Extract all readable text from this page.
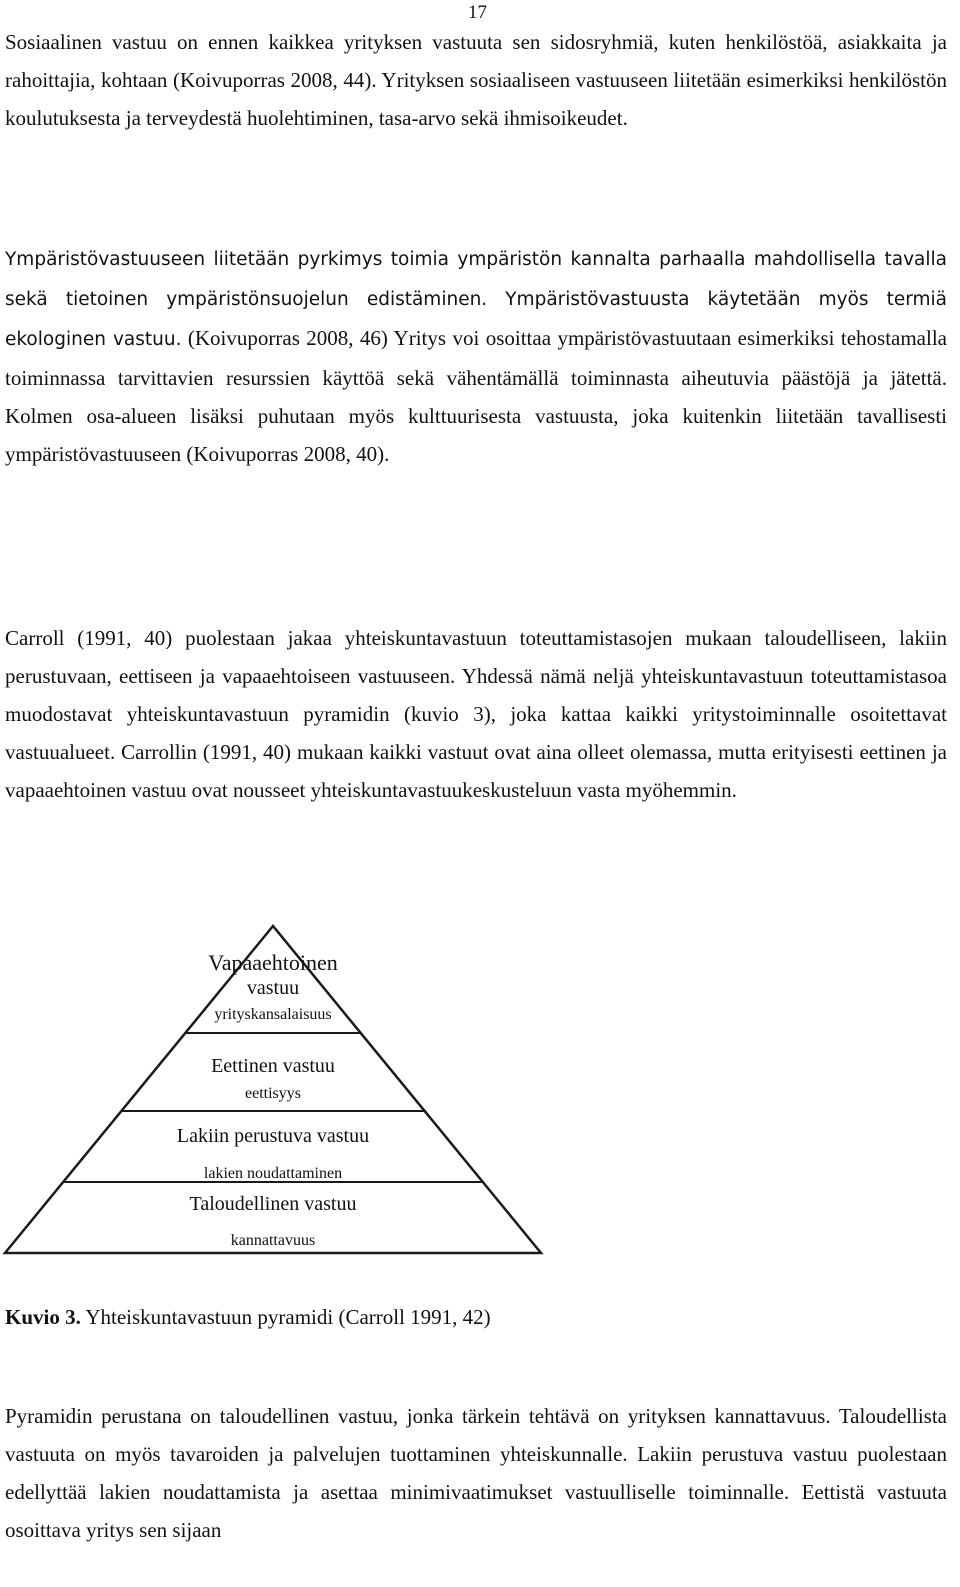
17

Sosiaalinen vastuu on ennen kaikkea yrityksen vastuuta sen sidosryhmiä, kuten henkilöstöä, asiakkaita ja rahoittajia, kohtaan (Koivuporras 2008, 44). Yrityksen sosiaaliseen vastuuseen liitetään esimerkiksi henkilöstön koulutuksesta ja terveydestä huolehtiminen, tasa-arvo sekä ihmisoikeudet.

Ympäristövastuuseen liitetään pyrkimys toimia ympäristön kannalta parhaalla mahdollisella tavalla sekä tietoinen ympäristönsuojelun edistäminen. Ympäristövastuusta käytetään myös termiä ekologinen vastuu. (Koivuporras 2008, 46) Yritys voi osoittaa ympäristövastuutaan esimerkiksi tehostamalla toiminnassa tarvittavien resurssien käyttöä sekä vähentämällä toiminnasta aiheutuvia päästöjä ja jätettä. Kolmen osa-alueen lisäksi puhutaan myös kulttuurisesta vastuusta, joka kuitenkin liitetään tavallisesti ympäristövastuuseen (Koivuporras 2008, 40).

Carroll (1991, 40) puolestaan jakaa yhteiskuntavastuun toteuttamistasojen mukaan taloudelliseen, lakiin perustuvaan, eettiseen ja vapaaehtoiseen vastuuseen. Yhdessä nämä neljä yhteiskuntavastuun toteuttamistasoa muodostavat yhteiskuntavastuun pyramidin (kuvio 3), joka kattaa kaikki yritystoiminnalle osoitettavat vastuualueet. Carrollin (1991, 40) mukaan kaikki vastuut ovat aina olleet olemassa, mutta erityisesti eettinen ja vapaaehtoinen vastuu ovat nousseet yhteiskuntavastuukeskusteluun vasta myöhemmin.

Vapaaehtoinen
vastuu
yrityskansalaisuus
Eettinen vastuu
eettisyys
Lakiin perustuva vastuu
lakien noudattaminen
Taloudellinen vastuu
kannattavuus
Kuvio 3. Yhteiskuntavastuun pyramidi (Carroll 1991, 42)

Pyramidin perustana on taloudellinen vastuu, jonka tärkein tehtävä on yrityksen kannattavuus. Taloudellista vastuuta on myös tavaroiden ja palvelujen tuottaminen yhteiskunnalle. Lakiin perustuva vastuu puolestaan edellyttää lakien noudattamista ja asettaa minimivaatimukset vastuulliselle toiminnalle. Eettistä vastuuta osoittava yritys sen sijaan
